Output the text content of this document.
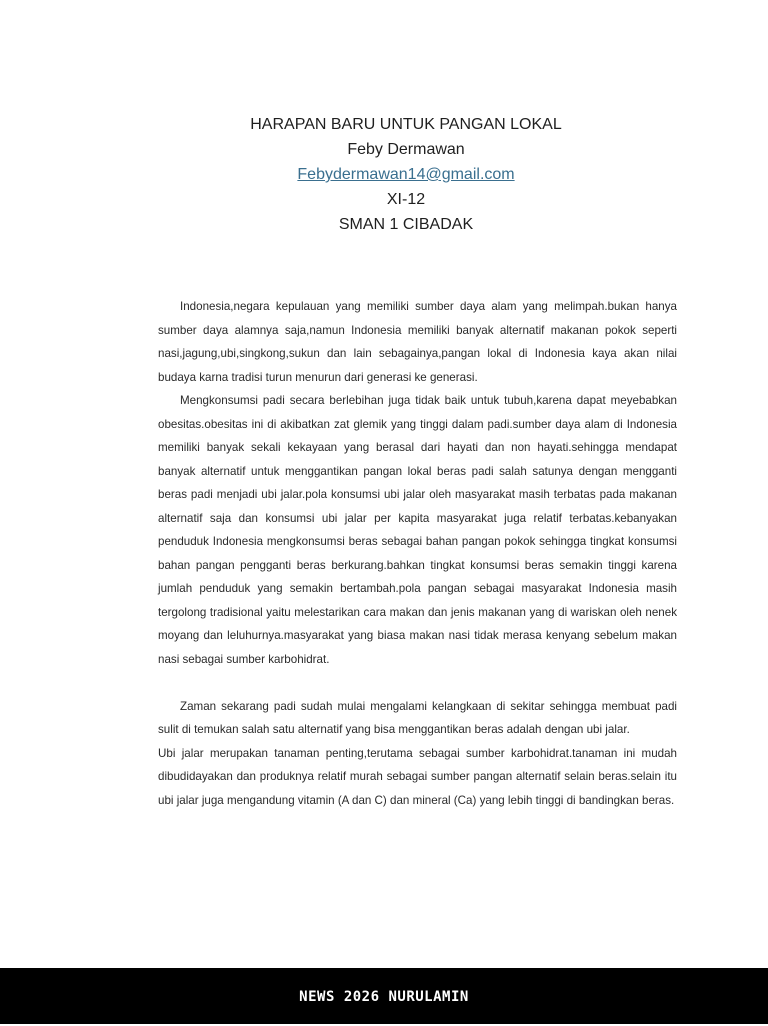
HARAPAN BARU UNTUK PANGAN LOKAL
Feby Dermawan
Febydermawan14@gmail.com
XI-12
SMAN 1 CIBADAK

Indonesia,negara kepulauan yang memiliki sumber daya alam yang melimpah.bukan hanya sumber daya alamnya saja,namun Indonesia memiliki banyak alternatif makanan pokok seperti nasi,jagung,ubi,singkong,sukun dan lain sebagainya,pangan lokal di Indonesia kaya akan nilai budaya karna tradisi turun menurun dari generasi ke generasi.

Mengkonsumsi padi secara berlebihan juga tidak baik untuk tubuh,karena dapat meyebabkan obesitas.obesitas ini di akibatkan zat glemik yang tinggi dalam padi.sumber daya alam di Indonesia memiliki banyak sekali kekayaan yang berasal dari hayati dan non hayati.sehingga mendapat banyak alternatif untuk menggantikan pangan lokal beras padi salah satunya dengan mengganti beras padi menjadi ubi jalar.pola konsumsi ubi jalar oleh masyarakat masih terbatas pada makanan alternatif saja dan konsumsi ubi jalar per kapita masyarakat juga relatif terbatas.kebanyakan penduduk Indonesia mengkonsumsi beras sebagai bahan pangan pokok sehingga tingkat konsumsi bahan pangan pengganti beras berkurang.bahkan tingkat konsumsi beras semakin tinggi karena jumlah penduduk yang semakin bertambah.pola pangan sebagai masyarakat Indonesia masih tergolong tradisional yaitu melestarikan cara makan dan jenis makanan yang di wariskan oleh nenek moyang dan leluhurnya.masyarakat yang biasa makan nasi tidak merasa kenyang sebelum makan nasi sebagai sumber karbohidrat.

Zaman sekarang padi sudah mulai mengalami kelangkaan di sekitar sehingga membuat padi sulit di temukan salah satu alternatif yang bisa menggantikan beras adalah dengan ubi jalar.

Ubi jalar merupakan tanaman penting,terutama sebagai sumber karbohidrat.tanaman ini mudah dibudidayakan dan produknya relatif murah sebagai sumber pangan alternatif selain beras.selain itu ubi jalar juga mengandung vitamin (A dan C) dan mineral (Ca) yang lebih tinggi di bandingkan beras.

NEWS 2026 NURULAMIN
